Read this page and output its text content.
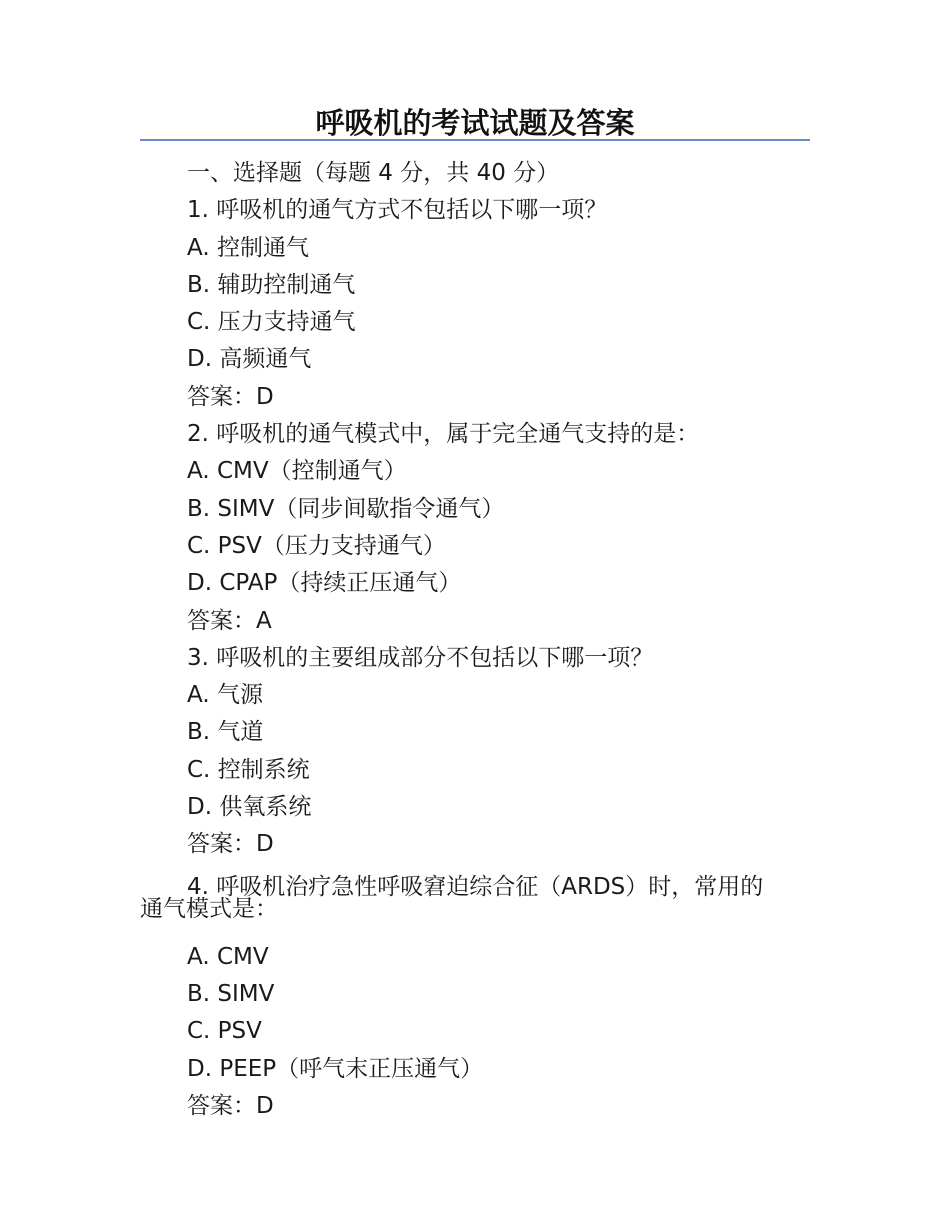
呼吸机的考试试题及答案
一、选择题（每题 4 分，共 40 分）
1. 呼吸机的通气方式不包括以下哪一项？
A. 控制通气
B. 辅助控制通气
C. 压力支持通气
D. 高频通气
答案：D
2. 呼吸机的通气模式中，属于完全通气支持的是：
A. CMV（控制通气）
B. SIMV（同步间歇指令通气）
C. PSV（压力支持通气）
D. CPAP（持续正压通气）
答案：A
3. 呼吸机的主要组成部分不包括以下哪一项？
A. 气源
B. 气道
C. 控制系统
D. 供氧系统
答案：D
4. 呼吸机治疗急性呼吸窘迫综合征（ARDS）时，常用的
通气模式是：
A. CMV
B. SIMV
C. PSV
D. PEEP（呼气末正压通气）
答案：D
